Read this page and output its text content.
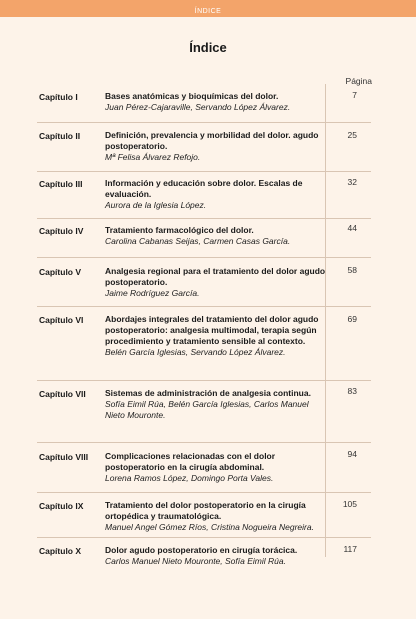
ÍNDICE
Índice
Página
Capítulo I	Bases anatómicas y bioquímicas del dolor.
Juan Pérez-Cajaraville, Servando López Álvarez.
7
Capítulo II	Definición, prevalencia y morbilidad del dolor. agudo postoperatorio.
Mª Felisa Álvarez Refojo.
25
Capítulo III	Información y educación sobre dolor. Escalas de evaluación.
Aurora de la Iglesia López.
32
Capítulo IV	Tratamiento farmacológico del dolor.
Carolina Cabanas Seijas, Carmen Casas García.
44
Capítulo V	Analgesia regional para el tratamiento del dolor agudo postoperatorio.
Jaime Rodríguez García.
58
Capítulo VI	Abordajes integrales del tratamiento del dolor agudo postoperatorio: analgesia multimodal, terapia según procedimiento y tratamiento sensible al contexto.
Belén García Iglesias, Servando López Álvarez.
69
Capítulo VII Sistemas de administración de analgesia continua.
Sofía Eimil Rúa, Belén García Iglesias, Carlos Manuel Nieto Mouronte.
83
Capítulo VIII Complicaciones relacionadas con el dolor postoperatorio en la cirugía abdominal.
Lorena Ramos López, Domingo Porta Vales.
94
Capítulo IX	Tratamiento del dolor postoperatorio en la cirugía ortopédica y traumatológica.
Manuel Angel Gómez Ríos, Cristina Nogueira Negreira.
105
Capítulo X	Dolor agudo postoperatorio en cirugía torácica.
Carlos Manuel Nieto Mouronte, Sofía Eimil Rúa.
117
